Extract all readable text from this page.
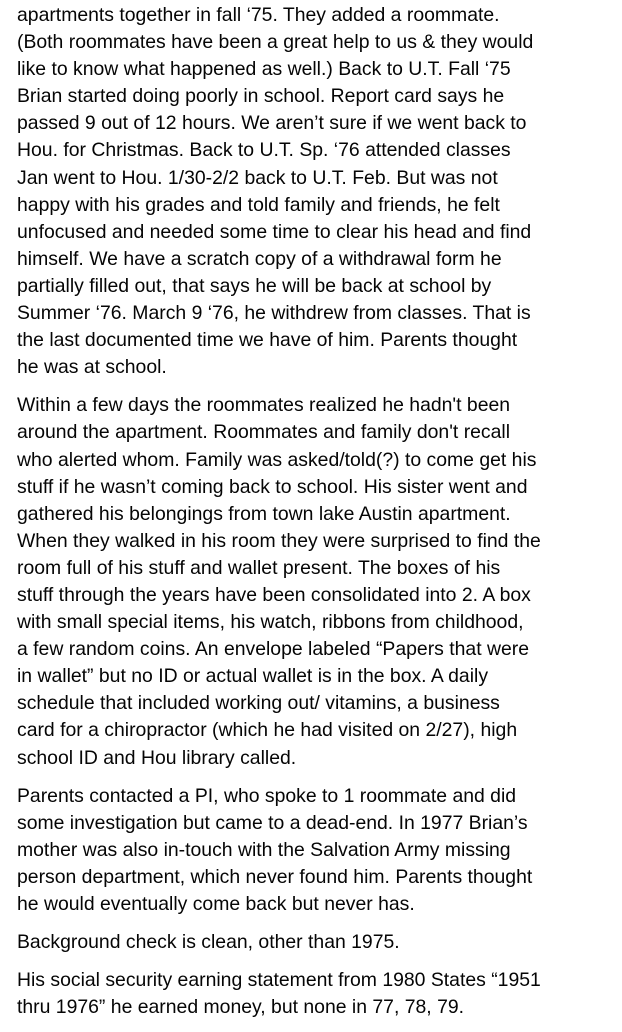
apartments together in fall ‘75. They added a roommate.
(Both roommates have been a great help to us & they would
like to know what happened as well.) Back to U.T. Fall ‘75
Brian started doing poorly in school. Report card says he
passed 9 out of 12 hours. We aren’t sure if we went back to
Hou. for Christmas. Back to U.T. Sp. ‘76 attended classes
Jan went to Hou. 1/30-2/2 back to U.T. Feb. But was not
happy with his grades and told family and friends, he felt
unfocused and needed some time to clear his head and find
himself. We have a scratch copy of a withdrawal form he
partially filled out, that says he will be back at school by
Summer ‘76. March 9 ‘76, he withdrew from classes. That is
the last documented time we have of him. Parents thought
he was at school.

Within a few days the roommates realized he hadn't been
around the apartment. Roommates and family don't recall
who alerted whom. Family was asked/told(?) to come get his
stuff if he wasn’t coming back to school. His sister went and
gathered his belongings from town lake Austin apartment.
When they walked in his room they were surprised to find the
room full of his stuff and wallet present. The boxes of his
stuff through the years have been consolidated into 2. A box
with small special items, his watch, ribbons from childhood,
a few random coins. An envelope labeled “Papers that were
in wallet” but no ID or actual wallet is in the box. A daily
schedule that included working out/ vitamins, a business
card for a chiropractor (which he had visited on 2/27), high
school ID and Hou library called.

Parents contacted a PI, who spoke to 1 roommate and did
some investigation but came to a dead-end. In 1977 Brian’s
mother was also in-touch with the Salvation Army missing
person department, which never found him. Parents thought
he would eventually come back but never has.

Background check is clean, other than 1975.

His social security earning statement from 1980 States “1951
thru 1976” he earned money, but none in 77, 78, 79.
